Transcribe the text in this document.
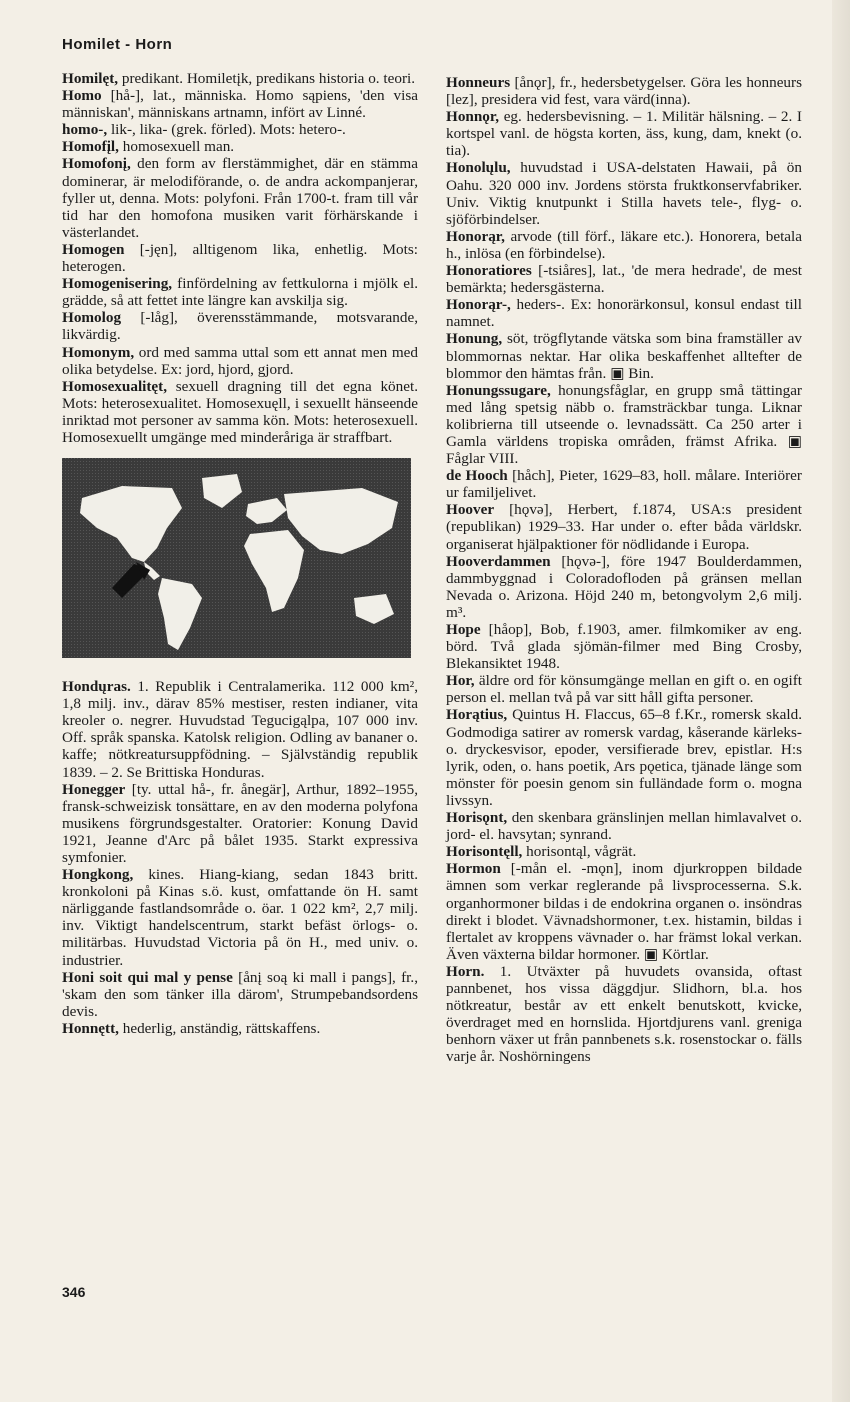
Homilet - Horn

Homilęt, predikant. Homiletįk, predikans historia o. teori.

Homo [hå-], lat., människa. Homo sąpiens, 'den visa människan', människans artnamn, infört av Linné.

homo-, lik-, lika- (grek. förled). Mots: hetero-.

Homofįl, homosexuell man.

Homofonį, den form av flerstämmighet, där en stämma dominerar, är melodiförande, o. de andra ackompanjerar, fyller ut, denna. Mots: polyfoni. Från 1700-t. fram till vår tid har den homofona musiken varit förhärskande i västerlandet.

Homogen [-jęn], alltigenom lika, enhetlig. Mots: heterogen.

Homogenisering, finfördelning av fettkulorna i mjölk el. grädde, så att fettet inte längre kan avskilja sig.

Homolog [-låg], överensstämmande, motsvarande, likvärdig.

Homonym, ord med samma uttal som ett annat men med olika betydelse. Ex: jord, hjord, gjord.

Homosexualitęt, sexuell dragning till det egna könet. Mots: heterosexualitet. Homosexuęll, i sexuellt hänseende inriktad mot personer av samma kön. Mots: heterosexuell. Homosexuellt umgänge med minderåriga är straffbart.

Hondųras. 1. Republik i Centralamerika. 112 000 km², 1,8 milj. inv., därav 85% mestiser, resten indianer, vita kreoler o. negrer. Huvudstad Tegucigąlpa, 107 000 inv. Off. språk spanska. Katolsk religion. Odling av bananer o. kaffe; nötkreatursuppfödning. – Självständig republik 1839. – 2. Se Brittiska Honduras.

Honegger [ty. uttal hå-, fr. ånegär], Arthur, 1892–1955, fransk-schweizisk tonsättare, en av den moderna polyfona musikens förgrundsgestalter. Oratorier: Konung David 1921, Jeanne d'Arc på bålet 1935. Starkt expressiva symfonier.

Hongkong, kines. Hiang-kiang, sedan 1843 britt. kronkoloni på Kinas s.ö. kust, omfattande ön H. samt närliggande fastlandsområde o. öar. 1 022 km², 2,7 milj. inv. Viktigt handelscentrum, starkt befäst örlogs- o. militärbas. Huvudstad Victoria på ön H., med univ. o. industrier.

Honi soit qui mal y pense [ånį soą ki mall i pangs], fr., 'skam den som tänker illa därom', Strumpebandsordens devis.

Honnętt, hederlig, anständig, rättskaffens.

Honneurs [ånǫr], fr., hedersbetygelser. Göra les honneurs [lez], presidera vid fest, vara värd(inna).

Honnǫr, eg. hedersbevisning. – 1. Militär hälsning. – 2. I kortspel vanl. de högsta korten, äss, kung, dam, knekt (o. tia).

Honolųlu, huvudstad i USA-delstaten Hawaii, på ön Oahu. 320 000 inv. Jordens största fruktkonservfabriker. Univ. Viktig knutpunkt i Stilla havets tele-, flyg- o. sjöförbindelser.

Honorąr, arvode (till förf., läkare etc.). Honorera, betala h., inlösa (en förbindelse).

Honoratiores [-tsiåres], lat., 'de mera hedrade', de mest bemärkta; hedersgästerna.

Honorąr-, heders-. Ex: honorärkonsul, konsul endast till namnet.

Honung, söt, trögflytande vätska som bina framställer av blommornas nektar. Har olika beskaffenhet alltefter de blommor den hämtas från. ▣ Bin.

Honungssugare, honungsfåglar, en grupp små tättingar med lång spetsig näbb o. framsträckbar tunga. Liknar kolibrierna till utseende o. levnadssätt. Ca 250 arter i Gamla världens tropiska områden, främst Afrika. ▣ Fåglar VIII.

de Hooch [håch], Pieter, 1629–83, holl. målare. Interiörer ur familjelivet.

Hoover [hǫvə], Herbert, f.1874, USA:s president (republikan) 1929–33. Har under o. efter båda världskr. organiserat hjälpaktioner för nödlidande i Europa.

Hooverdammen [hǫvə-], före 1947 Boulderdammen, dammbyggnad i Coloradofloden på gränsen mellan Nevada o. Arizona. Höjd 240 m, betongvolym 2,6 milj. m³.

Hope [håop], Bob, f.1903, amer. filmkomiker av eng. börd. Två glada sjömän-filmer med Bing Crosby, Blekansiktet 1948.

Hor, äldre ord för könsumgänge mellan en gift o. en ogift person el. mellan två på var sitt håll gifta personer.

Horątius, Quintus H. Flaccus, 65–8 f.Kr., romersk skald. Godmodiga satirer av romersk vardag, kåserande kärleks- o. dryckesvisor, epoder, versifierade brev, epistlar. H:s lyrik, oden, o. hans poetik, Ars pǫetica, tjänade länge som mönster för poesin genom sin fulländade form o. mogna livssyn.

Horisǫnt, den skenbara gränslinjen mellan himlavalvet o. jord- el. havsytan; synrand.

Horisontęll, horisontąl, vågrät.

Hormon [-mån el. -mǫn], inom djurkroppen bildade ämnen som verkar reglerande på livsprocesserna. S.k. organhormoner bildas i de endokrina organen o. insöndras direkt i blodet. Vävnadshormoner, t.ex. histamin, bildas i flertalet av kroppens vävnader o. har främst lokal verkan. Även växterna bildar hormoner. ▣ Körtlar.

Horn. 1. Utväxter på huvudets ovansida, oftast pannbenet, hos vissa däggdjur. Slidhorn, bl.a. hos nötkreatur, består av ett enkelt benutskott, kvicke, överdraget med en hornslida. Hjortdjurens vanl. greniga benhorn växer ut från pannbenets s.k. rosenstockar o. fälls varje år. Noshörningens

346
